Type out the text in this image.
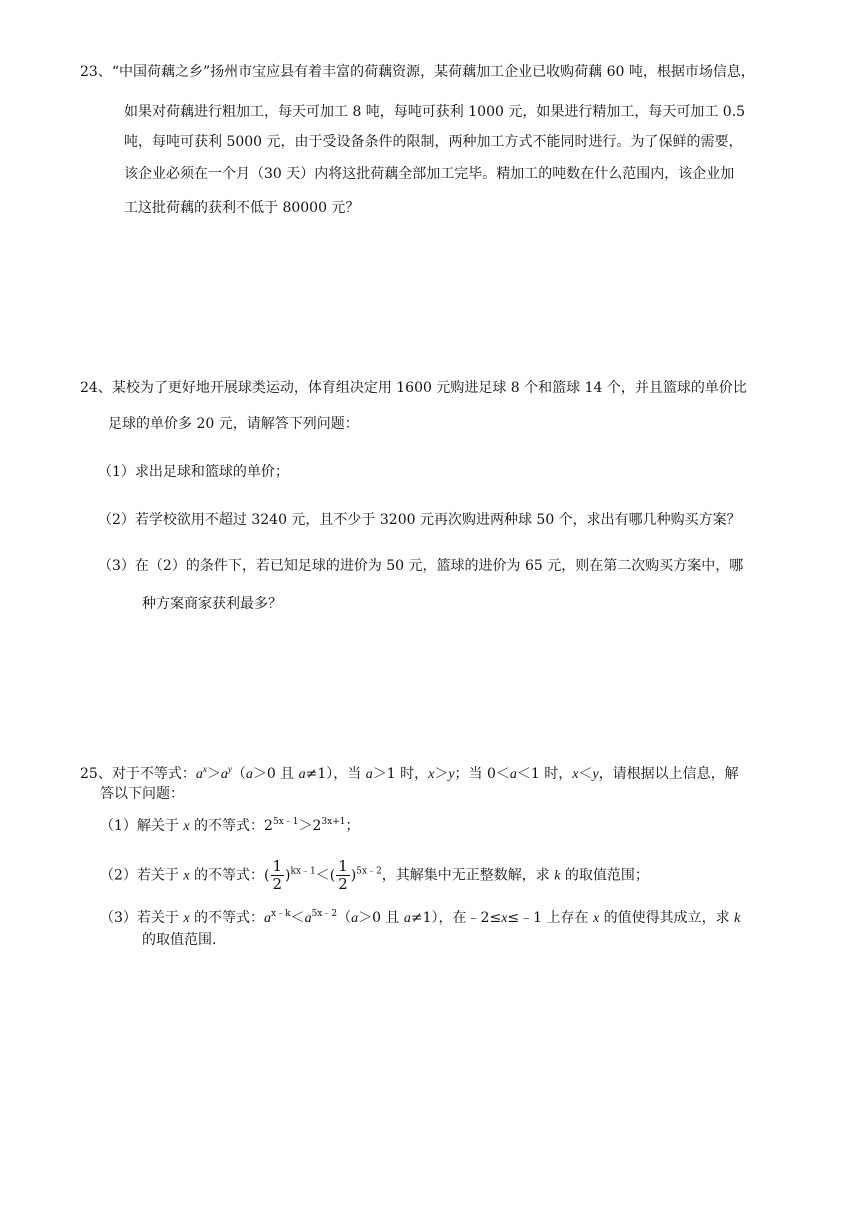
23、“中国荷藕之乡”扬州市宝应县有着丰富的荷藕资源，某荷藕加工企业已收购荷藕 60 吨，根据市场信息，
如果对荷藕进行粗加工，每天可加工 8 吨，每吨可获利 1000 元，如果进行精加工，每天可加工 0.5
吨，每吨可获利 5000 元，由于受设备条件的限制，两种加工方式不能同时进行。为了保鲜的需要，
该企业必须在一个月（30 天）内将这批荷藕全部加工完毕。精加工的吨数在什么范围内，该企业加
工这批荷藕的获利不低于 80000 元？
24、某校为了更好地开展球类运动，体育组决定用 1600 元购进足球 8 个和篮球 14 个，并且篮球的单价比
足球的单价多 20 元，请解答下列问题：
（1）求出足球和篮球的单价；
（2）若学校欲用不超过 3240 元，且不少于 3200 元再次购进两种球 50 个，求出有哪几种购买方案？
（3）在（2）的条件下，若已知足球的进价为 50 元，篮球的进价为 65 元，则在第二次购买方案中，哪
种方案商家获利最多？
25、对于不等式：$a^x>a^y(a>0$ 且 a≠1），当 a＞1 时，x＞y；当 0＜a＜1 时，x＜y，请根据以上信息，解
答以下问题：
（1）解关于 x 的不等式：$2^{5x﹣1}>2^{3x+1}$；
（2）若关于 x 的不等式：( $\frac{1}{2} )^{kx﹣1}<( \frac{1}{2} )^{5x﹣2}$，其解集中无正整数解，求 k 的取值范围；
（3）若关于 x 的不等式：$a^{x﹣k}<a^{5x﹣2}(a>0$ 且 a≠1），在﹣2≤x≤﹣1 上存在 x 的值使得其成立，求 k
的取值范围.
